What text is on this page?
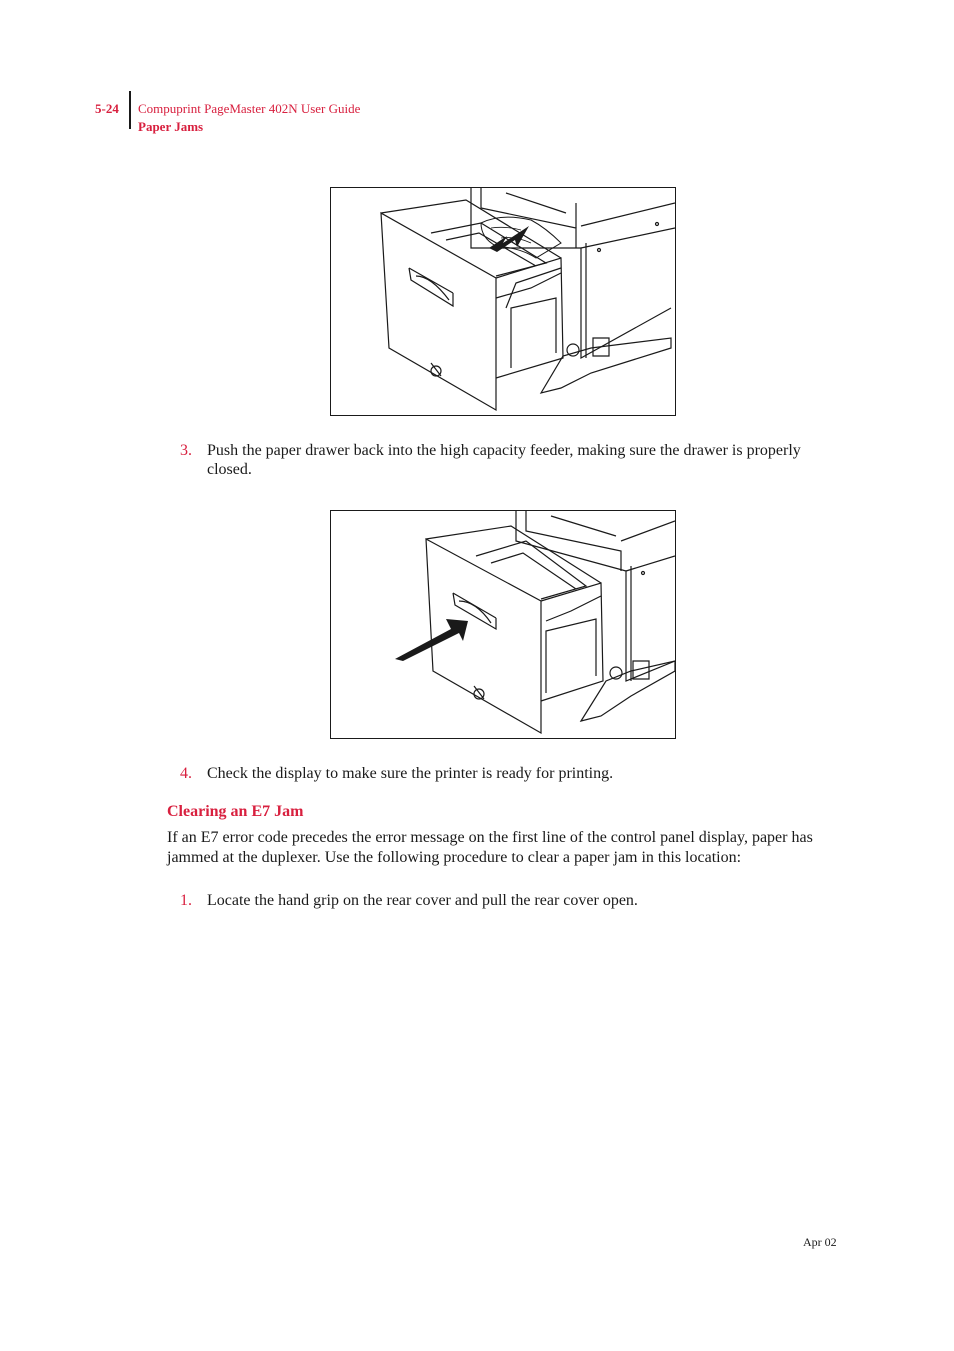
5-24 Compuprint PageMaster 402N User Guide
Paper Jams
3. Push the paper drawer back into the high capacity feeder, making sure the drawer is properly closed.
4. Check the display to make sure the printer is ready for printing.
Clearing an E7 Jam
If an E7 error code precedes the error message on the first line of the control panel display, paper has jammed at the duplexer. Use the following procedure to clear a paper jam in this location:
1. Locate the hand grip on the rear cover and pull the rear cover open.
Apr 02
